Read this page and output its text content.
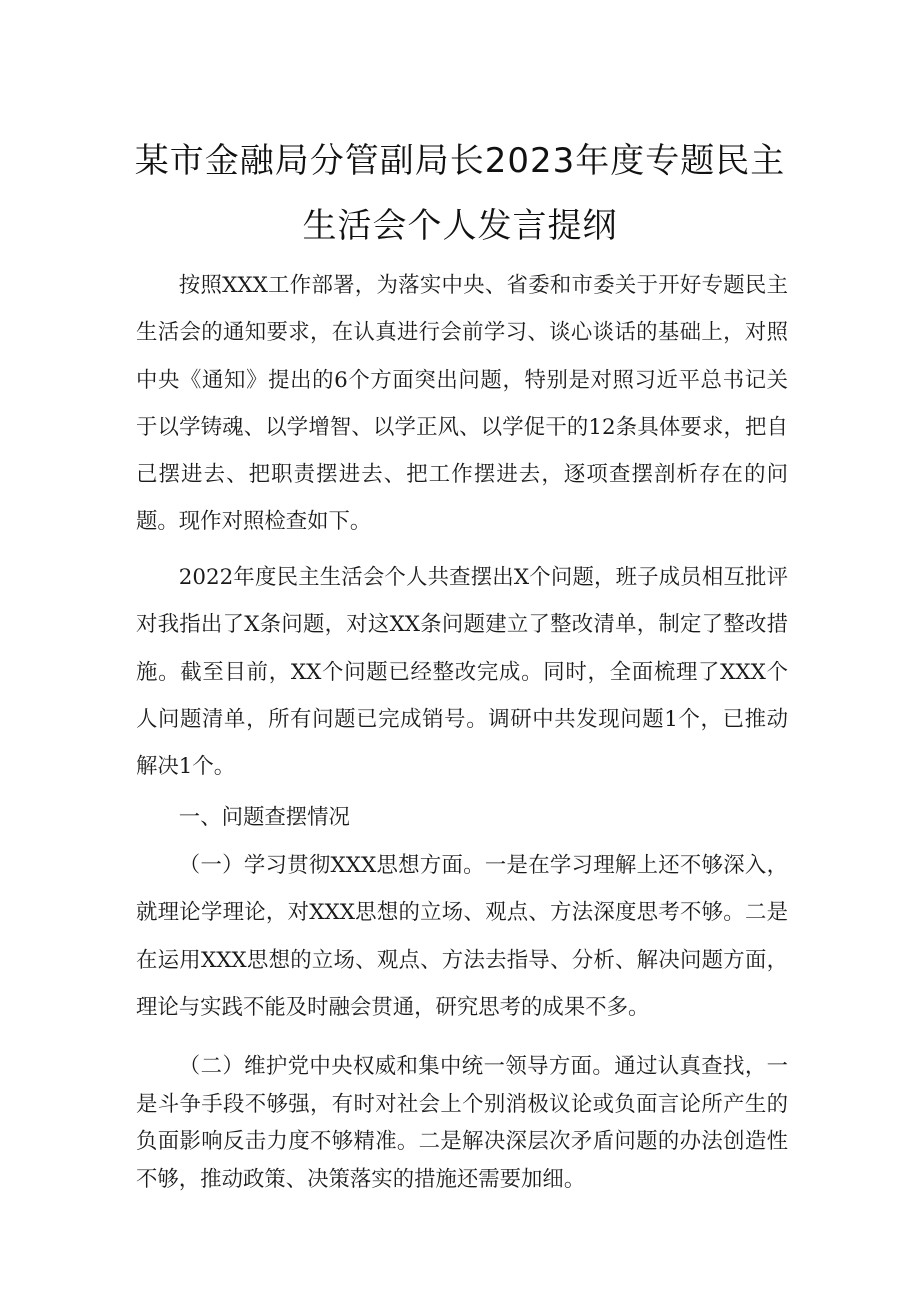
某市金融局分管副局长2023年度专题民主
生活会个人发言提纲

按照XXX工作部署，为落实中央、省委和市委关于开好专题民主生活会的通知要求，在认真进行会前学习、谈心谈话的基础上，对照中央《通知》提出的6个方面突出问题，特别是对照习近平总书记关于以学铸魂、以学增智、以学正风、以学促干的12条具体要求，把自己摆进去、把职责摆进去、把工作摆进去，逐项查摆剖析存在的问题。现作对照检查如下。

2022年度民主生活会个人共查摆出X个问题，班子成员相互批评对我指出了X条问题，对这XX条问题建立了整改清单，制定了整改措施。截至目前，XX个问题已经整改完成。同时，全面梳理了XXX个人问题清单，所有问题已完成销号。调研中共发现问题1个，已推动解决1个。

一、问题查摆情况

（一）学习贯彻XXX思想方面。一是在学习理解上还不够深入，就理论学理论，对XXX思想的立场、观点、方法深度思考不够。二是在运用XXX思想的立场、观点、方法去指导、分析、解决问题方面，理论与实践不能及时融会贯通，研究思考的成果不多。

（二）维护党中央权威和集中统一领导方面。通过认真查找，一是斗争手段不够强，有时对社会上个别消极议论或负面言论所产生的负面影响反击力度不够精准。二是解决深层次矛盾问题的办法创造性不够，推动政策、决策落实的措施还需要加细。
